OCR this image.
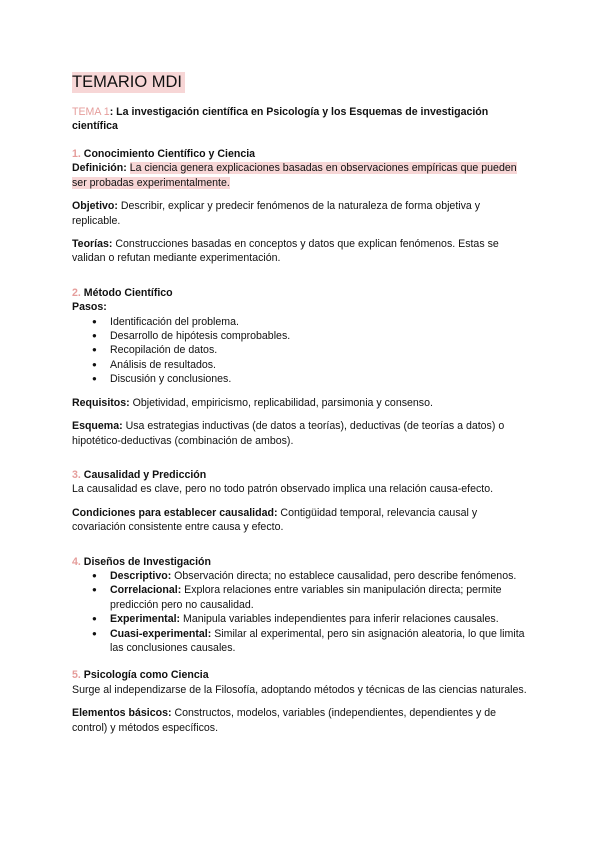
TEMARIO MDI
TEMA 1: La investigación científica en Psicología y los Esquemas de investigación científica
1. Conocimiento Científico y Ciencia

Definición: La ciencia genera explicaciones basadas en observaciones empíricas que pueden ser probadas experimentalmente.

Objetivo: Describir, explicar y predecir fenómenos de la naturaleza de forma objetiva y replicable.

Teorías: Construcciones basadas en conceptos y datos que explican fenómenos. Estas se validan o refutan mediante experimentación.

2. Método Científico
Pasos:
● Identificación del problema.
● Desarrollo de hipótesis comprobables.
● Recopilación de datos.
● Análisis de resultados.
● Discusión y conclusiones.

Requisitos: Objetividad, empiricismo, replicabilidad, parsimonia y consenso.

Esquema: Usa estrategias inductivas (de datos a teorías), deductivas (de teorías a datos) o hipotético-deductivas (combinación de ambos).

3. Causalidad y Predicción

La causalidad es clave, pero no todo patrón observado implica una relación causa-efecto.

Condiciones para establecer causalidad: Contigüidad temporal, relevancia causal y covariación consistente entre causa y efecto.

4. Diseños de Investigación
● Descriptivo: Observación directa; no establece causalidad, pero describe fenómenos.
● Correlacional: Explora relaciones entre variables sin manipulación directa; permite predicción pero no causalidad.
● Experimental: Manipula variables independientes para inferir relaciones causales.
● Cuasi-experimental: Similar al experimental, pero sin asignación aleatoria, lo que limita las conclusiones causales.
5. Psicología como Ciencia

Surge al independizarse de la Filosofía, adoptando métodos y técnicas de las ciencias naturales.

Elementos básicos: Constructos, modelos, variables (independientes, dependientes y de control) y métodos específicos.
